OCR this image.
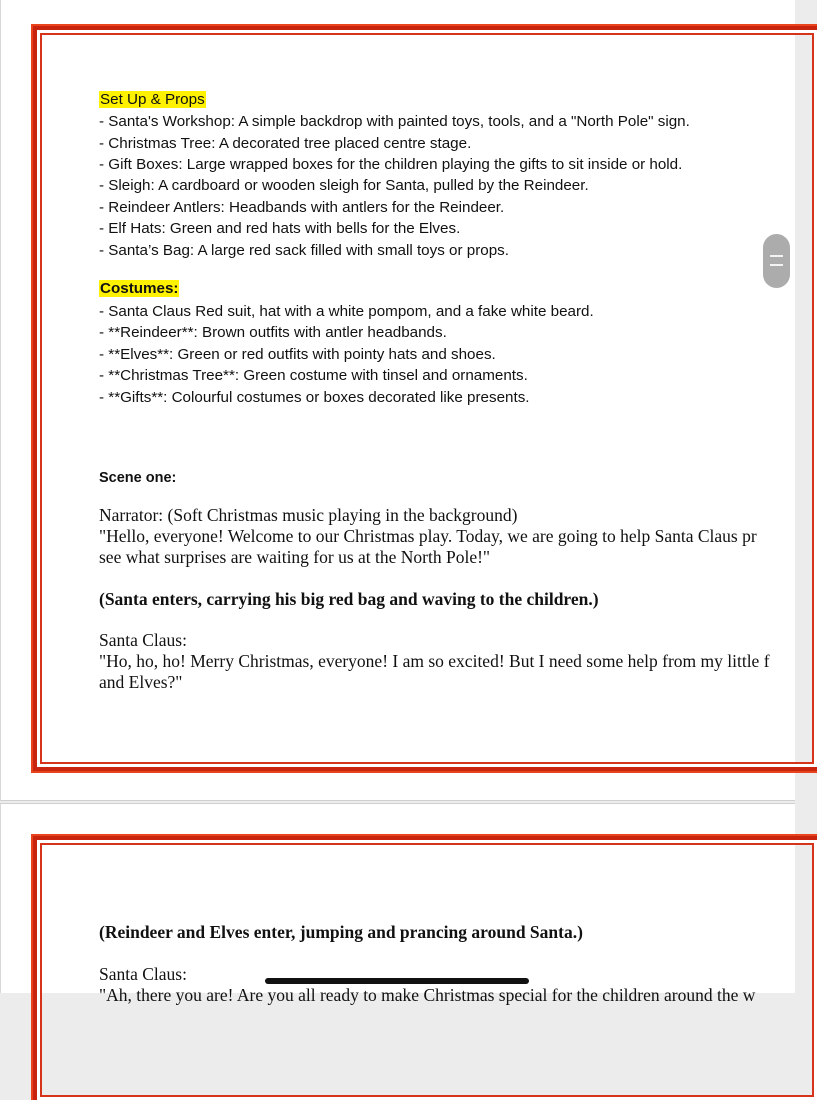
Set Up & Props
- Santa's Workshop: A simple backdrop with painted toys, tools, and a "North Pole" sign.
- Christmas Tree: A decorated tree placed centre stage.
- Gift Boxes: Large wrapped boxes for the children playing the gifts to sit inside or hold.
- Sleigh: A cardboard or wooden sleigh for Santa, pulled by the Reindeer.
- Reindeer Antlers: Headbands with antlers for the Reindeer.
- Elf Hats: Green and red hats with bells for the Elves.
- Santa’s Bag: A large red sack filled with small toys or props.
Costumes:
- Santa Claus Red suit, hat with a white pompom, and a fake white beard.
- **Reindeer**: Brown outfits with antler headbands.
- **Elves**: Green or red outfits with pointy hats and shoes.
- **Christmas Tree**: Green costume with tinsel and ornaments.
- **Gifts**: Colourful costumes or boxes decorated like presents.
Scene one:
Narrator: (Soft Christmas music playing in the background)
"Hello, everyone! Welcome to our Christmas play. Today, we are going to help Santa Claus pr
see what surprises are waiting for us at the North Pole!"
(Santa enters, carrying his big red bag and waving to the children.)
Santa Claus:
"Ho, ho, ho! Merry Christmas, everyone! I am so excited! But I need some help from my little f
and Elves?"
(Reindeer and Elves enter, jumping and prancing around Santa.)
Santa Claus:
"Ah, there you are! Are you all ready to make Christmas special for the children around the w
